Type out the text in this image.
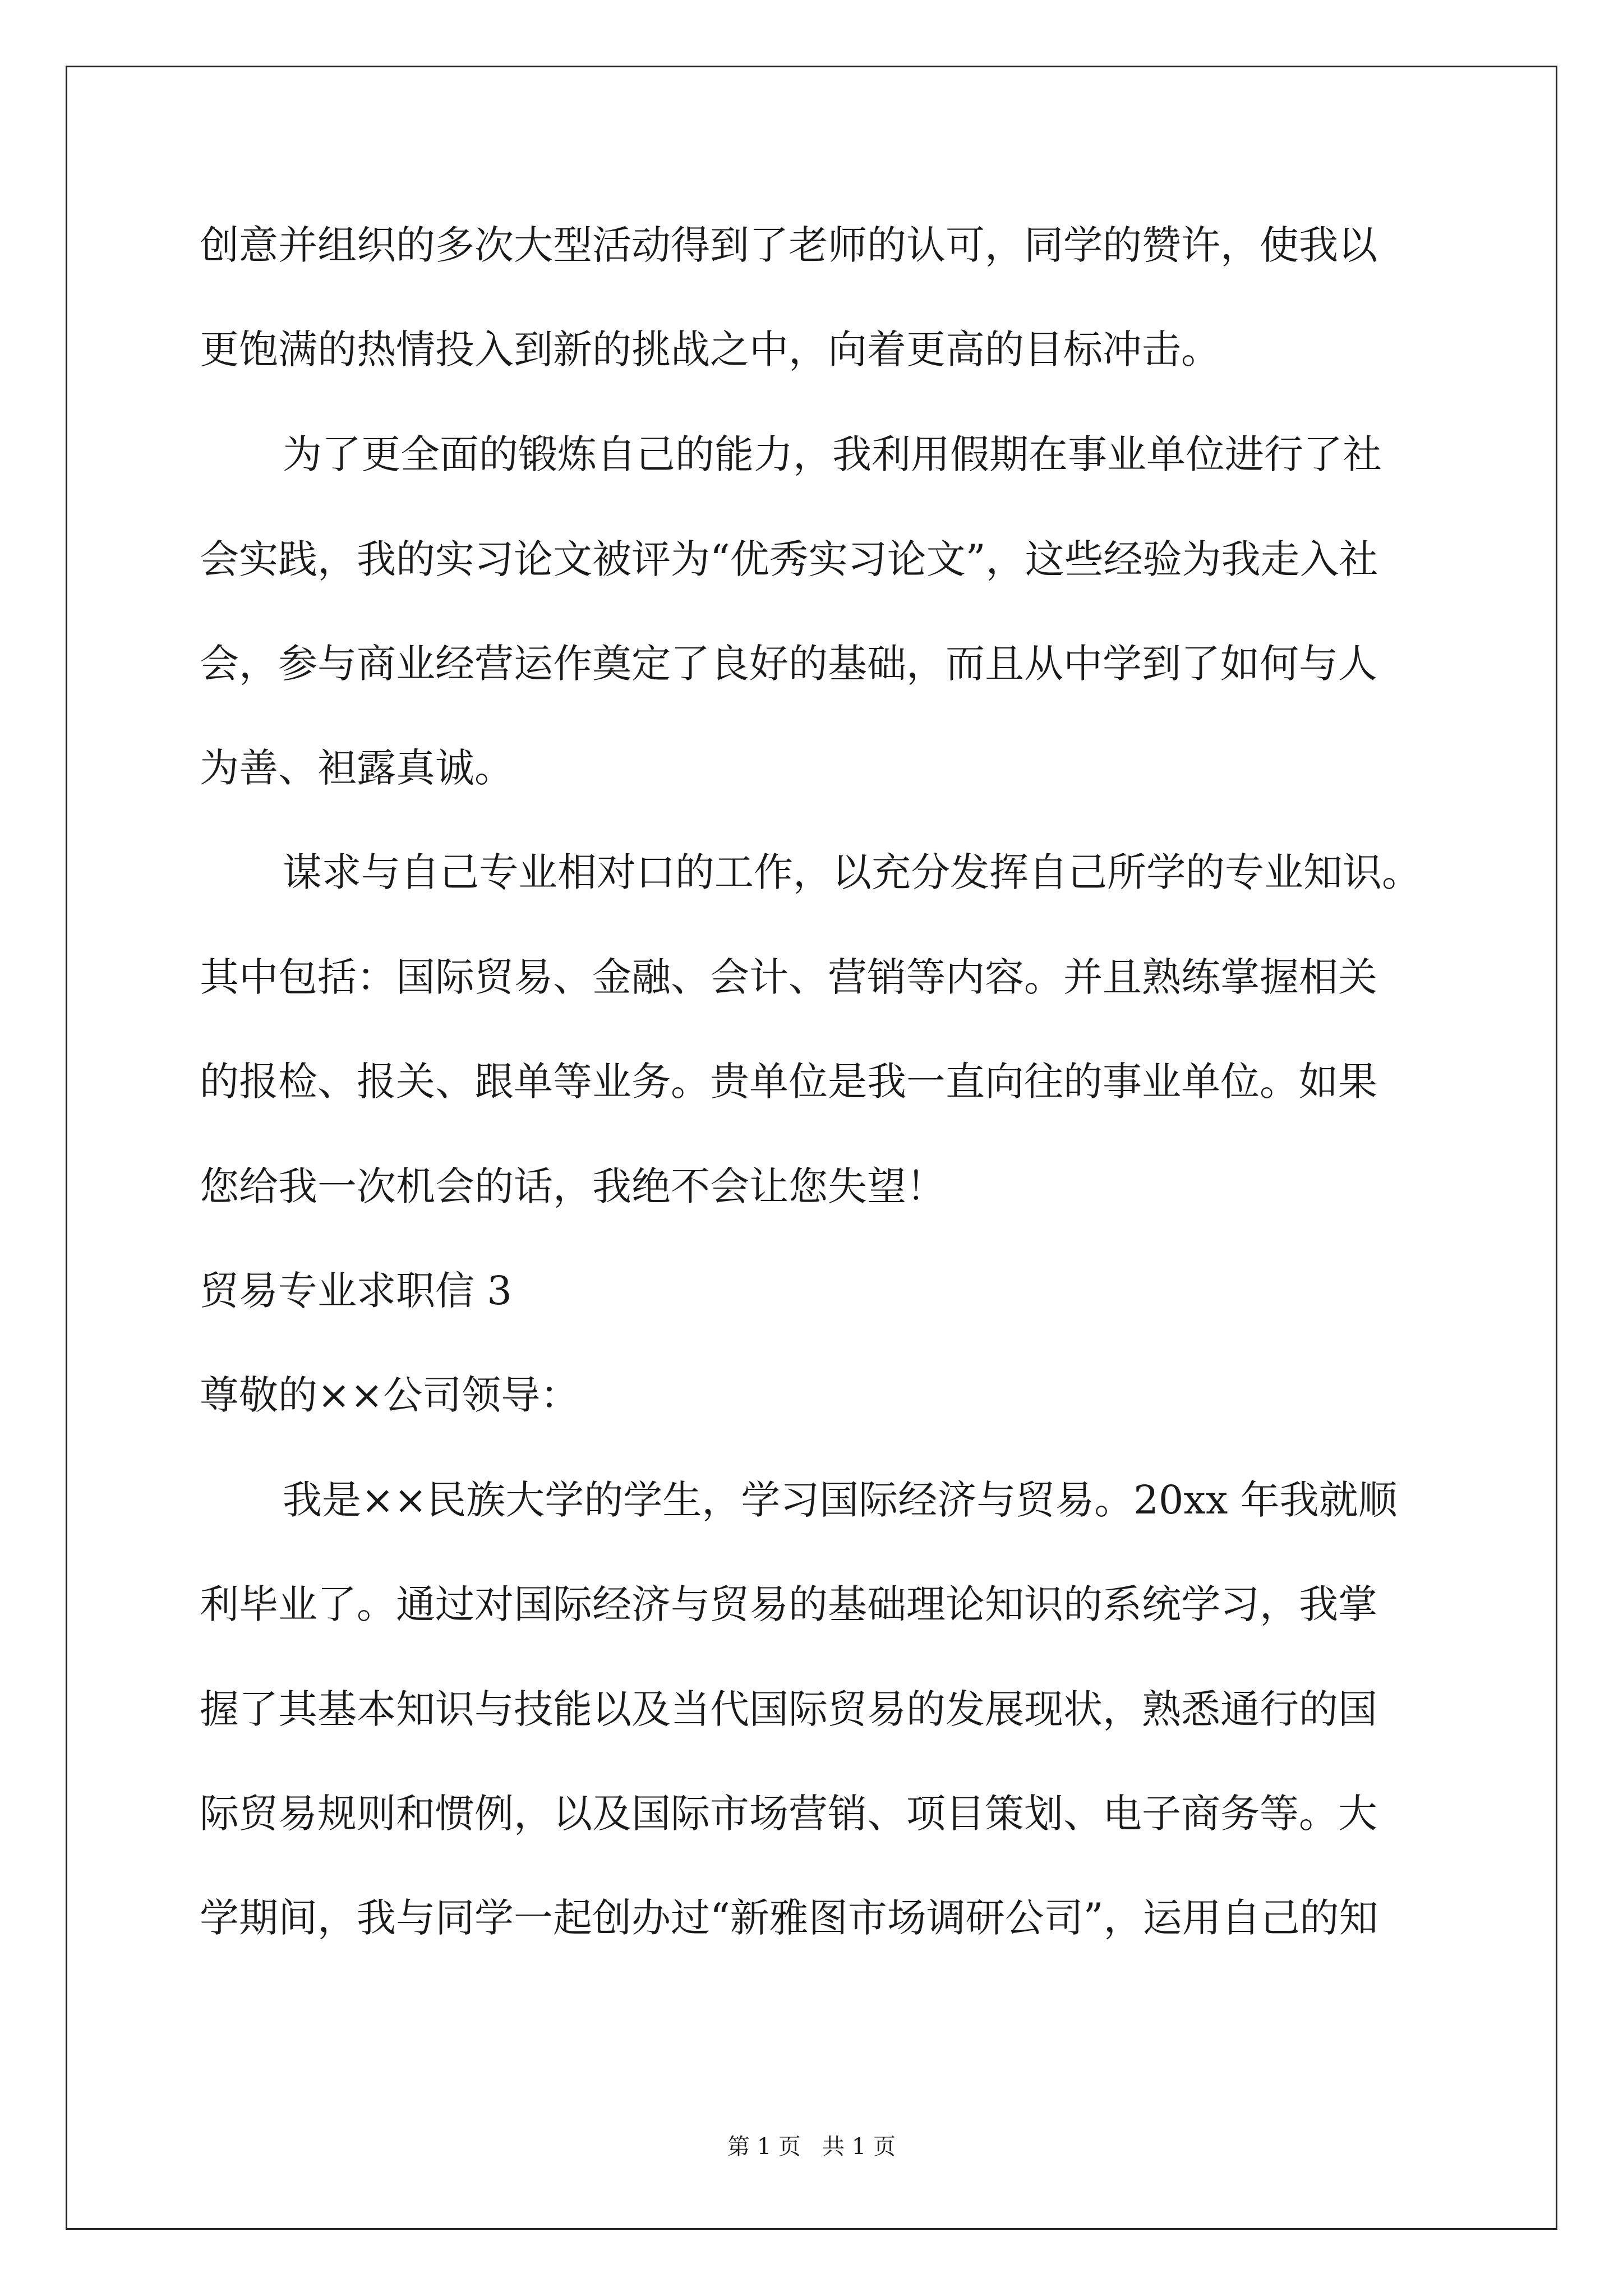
创意并组织的多次大型活动得到了老师的认可，同学的赞许，使我以
更饱满的热情投入到新的挑战之中，向着更高的目标冲击。
为了更全面的锻炼自己的能力，我利用假期在事业单位进行了社
会实践，我的实习论文被评为“优秀实习论文”，这些经验为我走入社
会，参与商业经营运作奠定了良好的基础，而且从中学到了如何与人
为善、袒露真诚。
谋求与自己专业相对口的工作，以充分发挥自己所学的专业知识。
其中包括：国际贸易、金融、会计、营销等内容。并且熟练掌握相关
的报检、报关、跟单等业务。贵单位是我一直向往的事业单位。如果
您给我一次机会的话，我绝不会让您失望！
贸易专业求职信 3
尊敬的××公司领导：
我是××民族大学的学生，学习国际经济与贸易。20xx 年我就顺
利毕业了。通过对国际经济与贸易的基础理论知识的系统学习，我掌
握了其基本知识与技能以及当代国际贸易的发展现状，熟悉通行的国
际贸易规则和惯例，以及国际市场营销、项目策划、电子商务等。大
学期间，我与同学一起创办过“新雅图市场调研公司”，运用自己的知
第 1 页   共 1 页
